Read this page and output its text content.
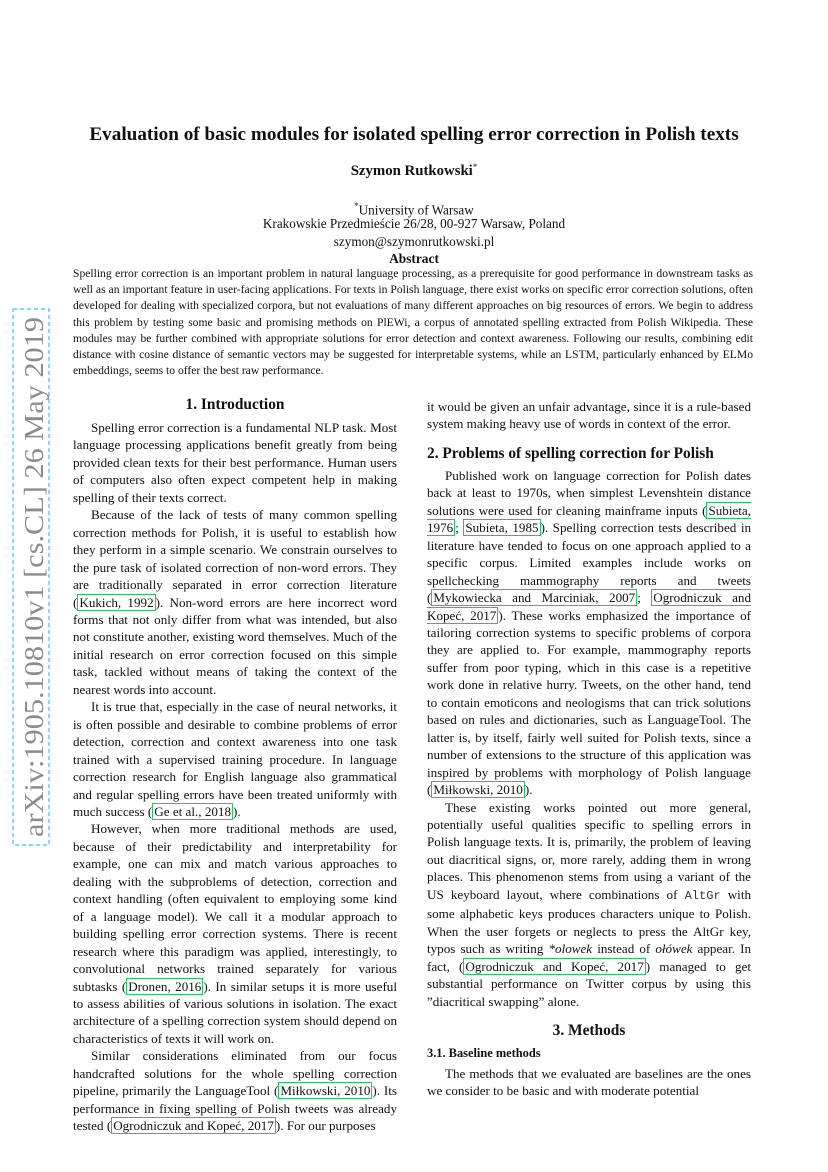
arXiv:1905.10810v1 [cs.CL] 26 May 2019
Evaluation of basic modules for isolated spelling error correction in Polish texts
Szymon Rutkowski*
*University of Warsaw
Krakowskie Przedmieście 26/28, 00-927 Warsaw, Poland
szymon@szymonrutkowski.pl
Abstract
Spelling error correction is an important problem in natural language processing, as a prerequisite for good performance in downstream tasks as well as an important feature in user-facing applications. For texts in Polish language, there exist works on specific error correction solutions, often developed for dealing with specialized corpora, but not evaluations of many different approaches on big resources of errors. We begin to address this problem by testing some basic and promising methods on PlEWi, a corpus of annotated spelling extracted from Polish Wikipedia. These modules may be further combined with appropriate solutions for error detection and context awareness. Following our results, combining edit distance with cosine distance of semantic vectors may be suggested for interpretable systems, while an LSTM, particularly enhanced by ELMo embeddings, seems to offer the best raw performance.
1. Introduction

Spelling error correction is a fundamental NLP task. Most language processing applications benefit greatly from being provided clean texts for their best performance. Human users of computers also often expect competent help in making spelling of their texts correct.

Because of the lack of tests of many common spelling correction methods for Polish, it is useful to establish how they perform in a simple scenario. We constrain ourselves to the pure task of isolated correction of non-word errors. They are traditionally separated in error correction literature ( Kukich, 1992 ). Non-word errors are here incorrect word forms that not only differ from what was intended, but also not constitute another, existing word themselves. Much of the initial research on error correction focused on this simple task, tackled without means of taking the context of the nearest words into account.

It is true that, especially in the case of neural networks, it is often possible and desirable to combine problems of error detection, correction and context awareness into one task trained with a supervised training procedure. In language correction research for English language also grammatical and regular spelling errors have been treated uniformly with much success ( Ge et al., 2018 ).

However, when more traditional methods are used, because of their predictability and interpretability for example, one can mix and match various approaches to dealing with the subproblems of detection, correction and context handling (often equivalent to employing some kind of a language model). We call it a modular approach to building spelling error correction systems. There is recent research where this paradigm was applied, interestingly, to convolutional networks trained separately for various subtasks ( Dronen, 2016 ). In similar setups it is more useful to assess abilities of various solutions in isolation. The exact architecture of a spelling correction system should depend on characteristics of texts it will work on.

Similar considerations eliminated from our focus handcrafted solutions for the whole spelling correction pipeline, primarily the LanguageTool ( Miłkowski, 2010 ). Its performance in fixing spelling of Polish tweets was already tested ( Ogrodniczuk and Kopeć, 2017 ). For our purposes

it would be given an unfair advantage, since it is a rule-based system making heavy use of words in context of the error.

2. Problems of spelling correction for Polish

Published work on language correction for Polish dates back at least to 1970s, when simplest Levenshtein distance solutions were used for cleaning mainframe inputs ( Subieta, 1976 ; Subieta, 1985 ). Spelling correction tests described in literature have tended to focus on one approach applied to a specific corpus. Limited examples include works on spellchecking mammography reports and tweets ( Mykowiecka and Marciniak, 2007 ; Ogrodniczuk and Kopeć, 2017 ). These works emphasized the importance of tailoring correction systems to specific problems of corpora they are applied to. For example, mammography reports suffer from poor typing, which in this case is a repetitive work done in relative hurry. Tweets, on the other hand, tend to contain emoticons and neologisms that can trick solutions based on rules and dictionaries, such as LanguageTool. The latter is, by itself, fairly well suited for Polish texts, since a number of extensions to the structure of this application was inspired by problems with morphology of Polish language ( Miłkowski, 2010 ).

These existing works pointed out more general, potentially useful qualities specific to spelling errors in Polish language texts. It is, primarily, the problem of leaving out diacritical signs, or, more rarely, adding them in wrong places. This phenomenon stems from using a variant of the US keyboard layout, where combinations of AltGr with some alphabetic keys produces characters unique to Polish. When the user forgets or neglects to press the AltGr key, typos such as writing *olowek instead of ołówek appear. In fact, ( Ogrodniczuk and Kopeć, 2017 ) managed to get substantial performance on Twitter corpus by using this ”diacritical swapping” alone.

3. Methods
3.1. Baseline methods

The methods that we evaluated are baselines are the ones we consider to be basic and with moderate potential
